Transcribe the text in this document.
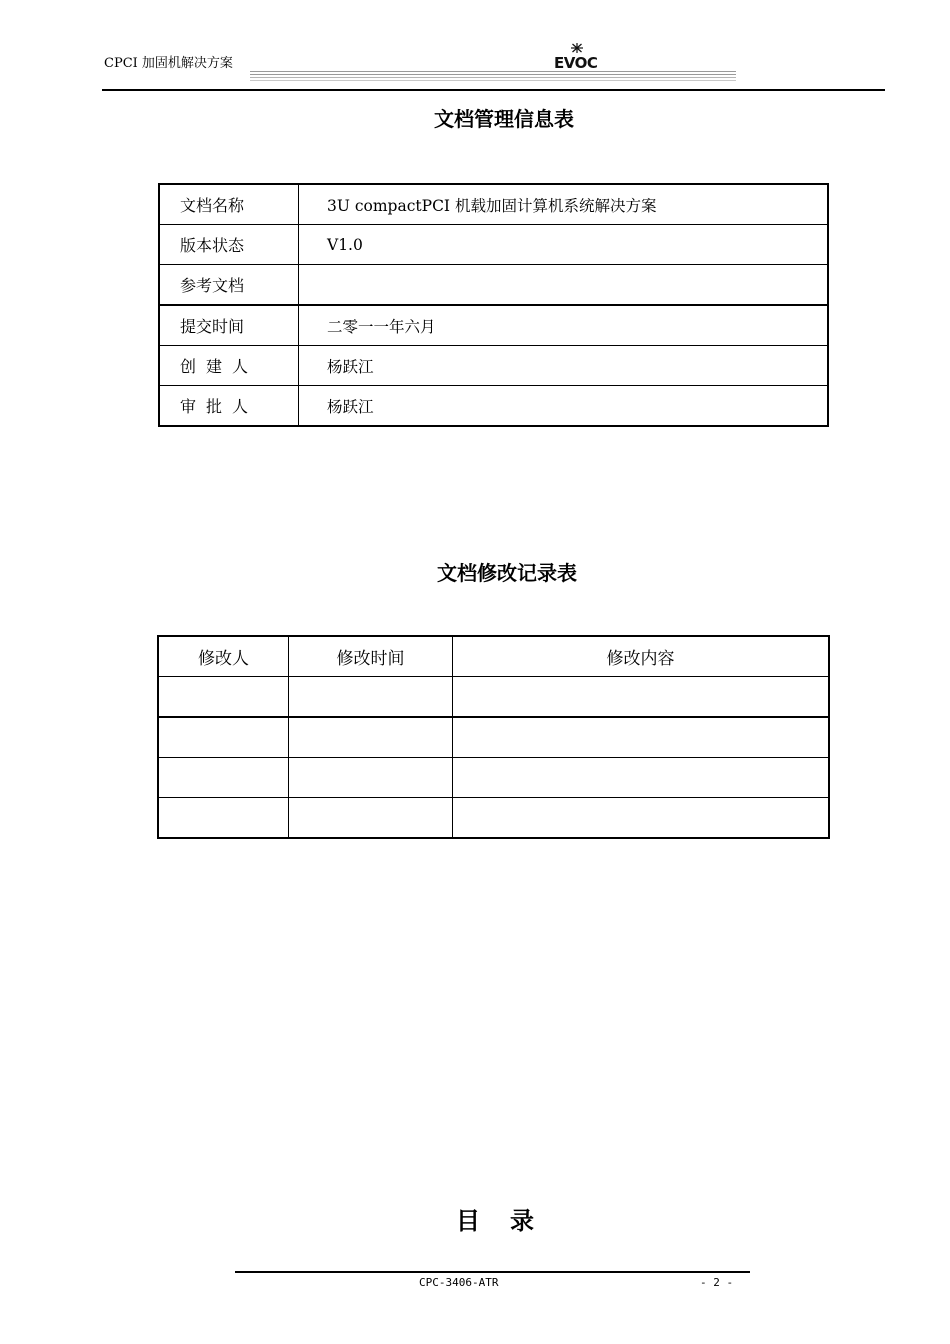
CPCI 加固机解决方案	EVOC
文档管理信息表
文档名称	3U compactPCI 机载加固计算机系统解决方案
版本状态	V1.0
参考文档	
提交时间	二零一一年六月
创建人	杨跃江
审批人	杨跃江
文档修改记录表
修改人	修改时间	修改内容

目 录
CPC-3406-ATR	- 2 -
